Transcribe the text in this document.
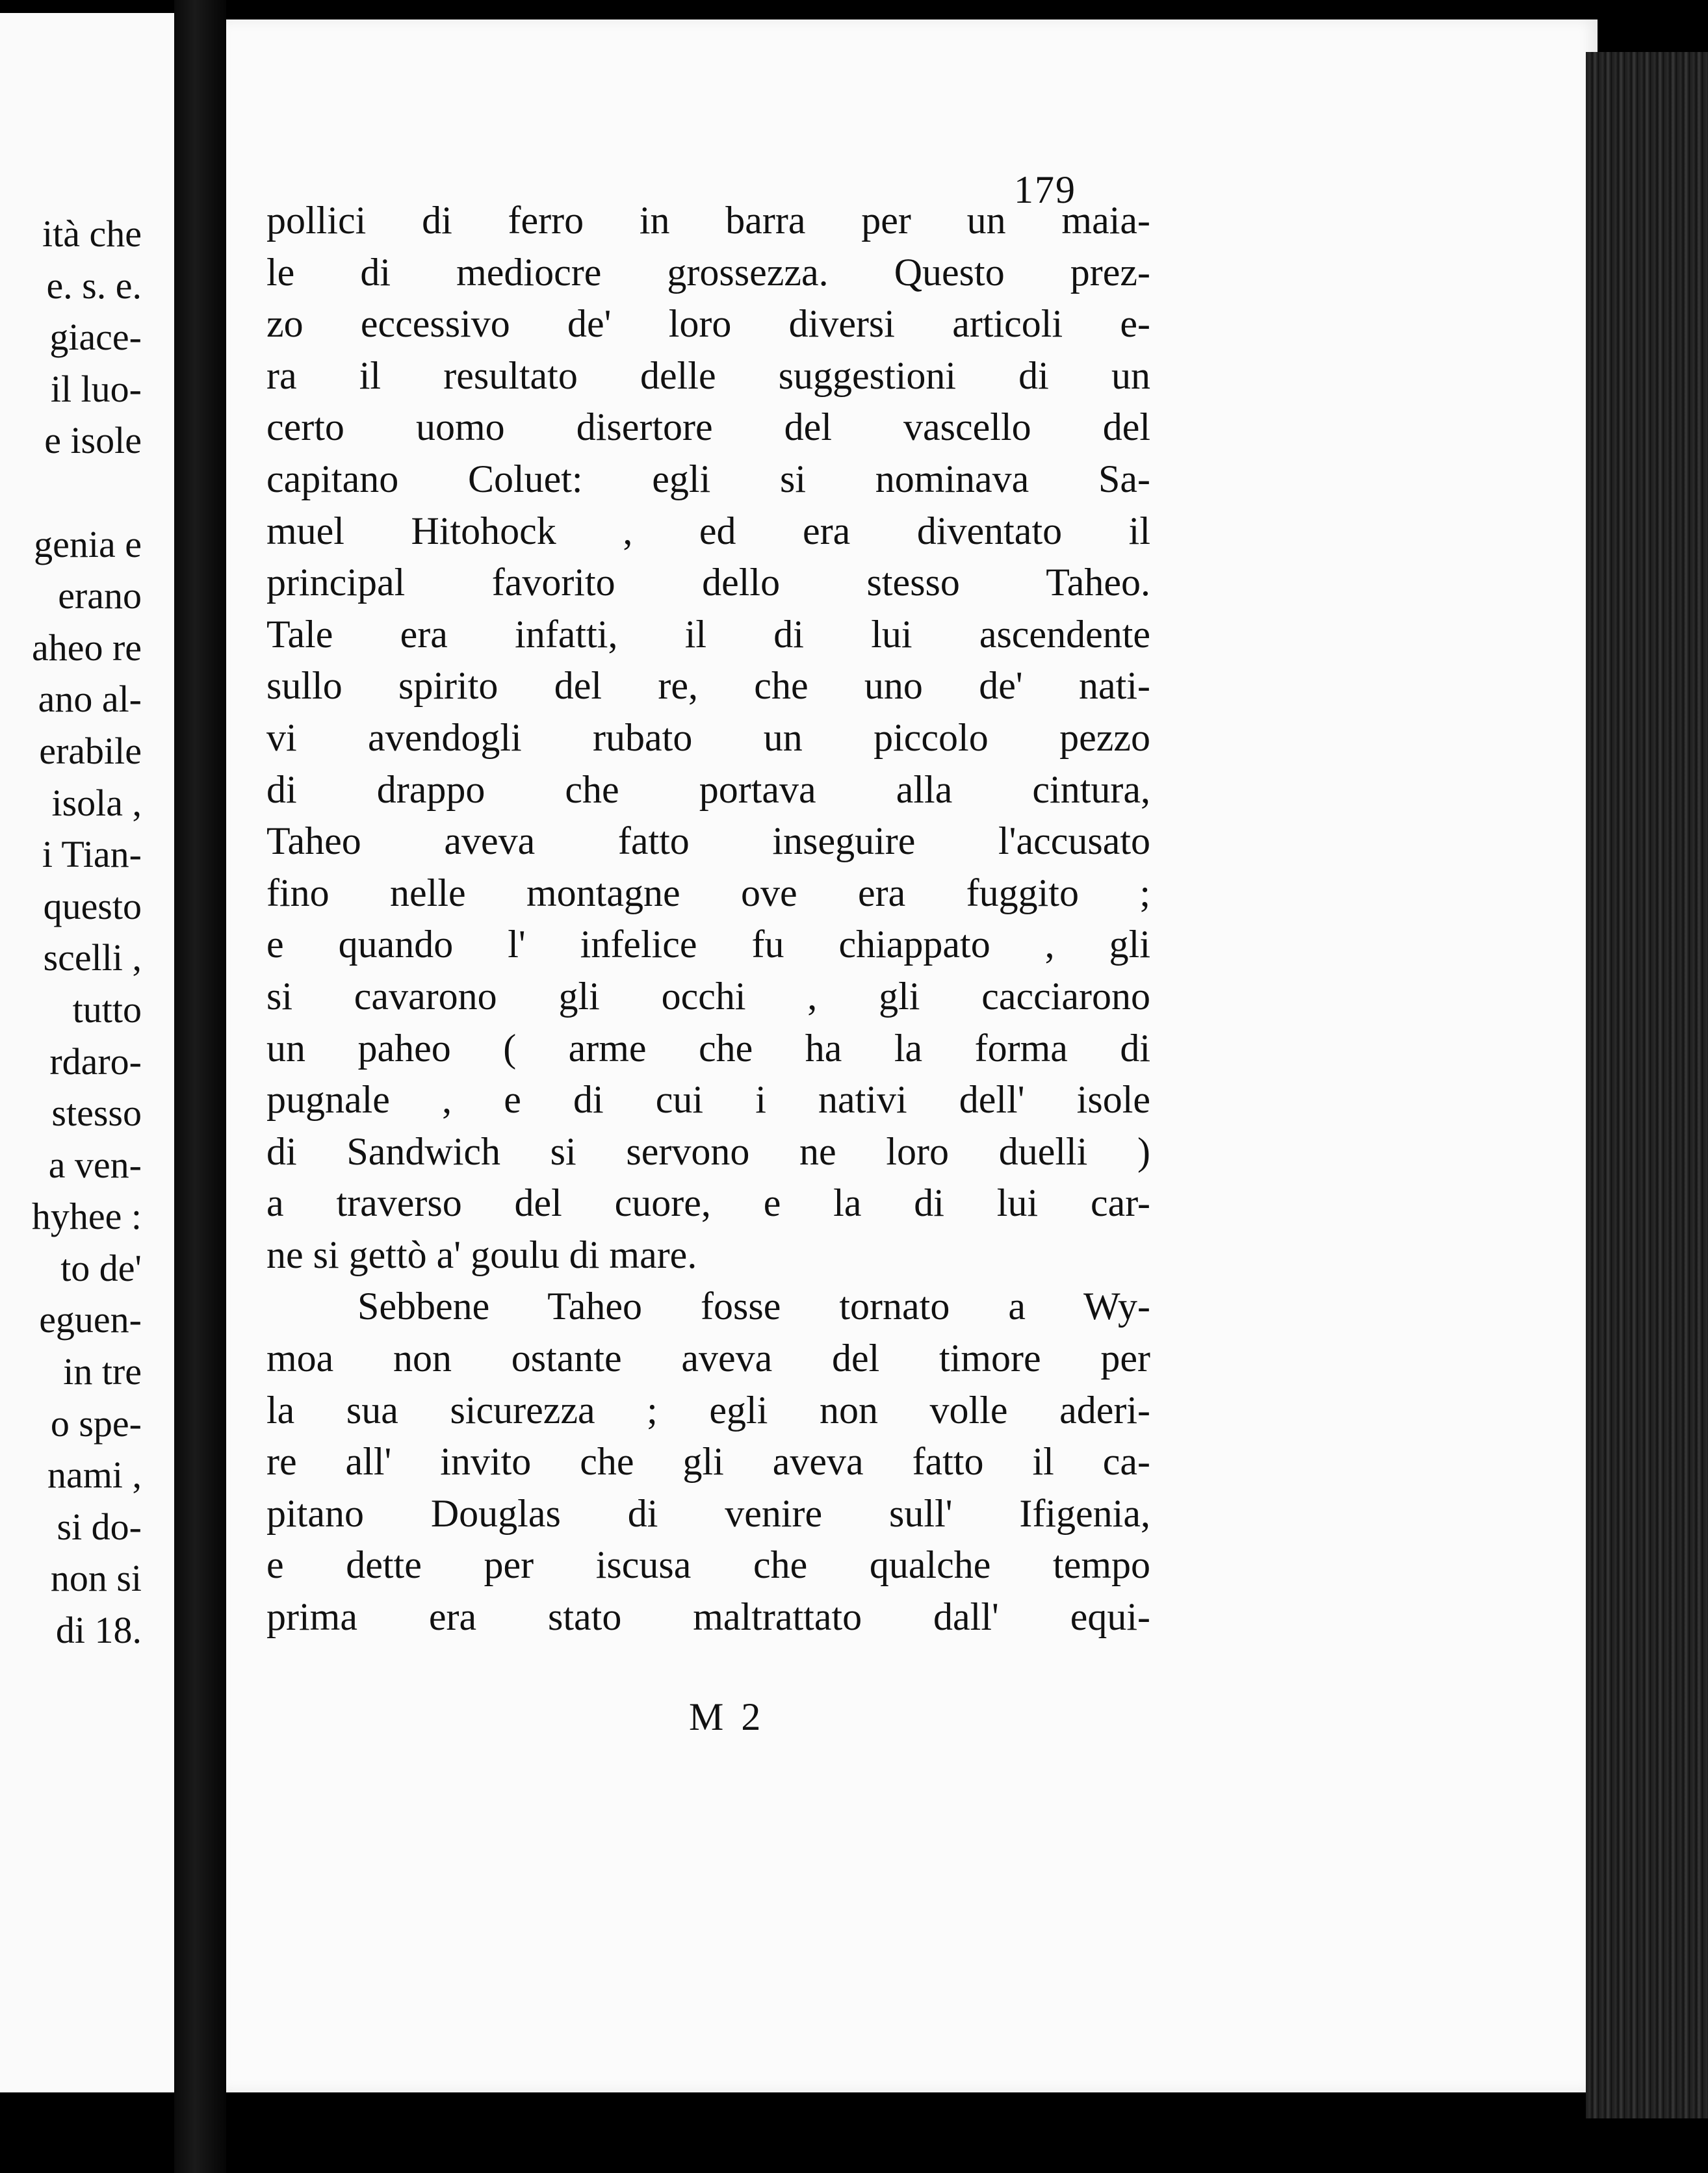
ità che
e. s. e.
giace-
il luo-
e isole
genia e
erano
aheo re
ano al-
erabile
isola ,
i Tian-
questo
scelli ,
tutto
rdaro-
stesso
a ven-
hyhee :
to de'
eguen-
in tre
o spe-
nami ,
si do-
non si
di 18.
179
pollici di ferro in barra per un maia-
le di mediocre grossezza. Questo prez-
zo eccessivo de' loro diversi articoli e-
ra il resultato delle suggestioni di un
certo uomo disertore del vascello del
capitano Coluet: egli si nominava Sa-
muel Hitohock , ed era diventato il
principal favorito dello stesso Taheo.
Tale era infatti, il di lui ascendente
sullo spirito del re, che uno de' nati-
vi avendogli rubato un piccolo pezzo
di drappo che portava alla cintura,
Taheo aveva fatto inseguire l'accusato
fino nelle montagne ove era fuggito ;
e quando l' infelice fu chiappato , gli
si cavarono gli occhi , gli cacciarono
un paheo ( arme che ha la forma di
pugnale , e di cui i nativi dell' isole
di Sandwich si servono ne loro duelli )
a traverso del cuore, e la di lui car-
ne si gettò a' goulu di mare.
Sebbene Taheo fosse tornato a Wy-
moa non ostante aveva del timore per
la sua sicurezza ; egli non volle aderi-
re all' invito che gli aveva fatto il ca-
pitano Douglas di venire sull' Ifigenia,
e dette per iscusa che qualche tempo
prima era stato maltrattato dall' equi-
M 2
